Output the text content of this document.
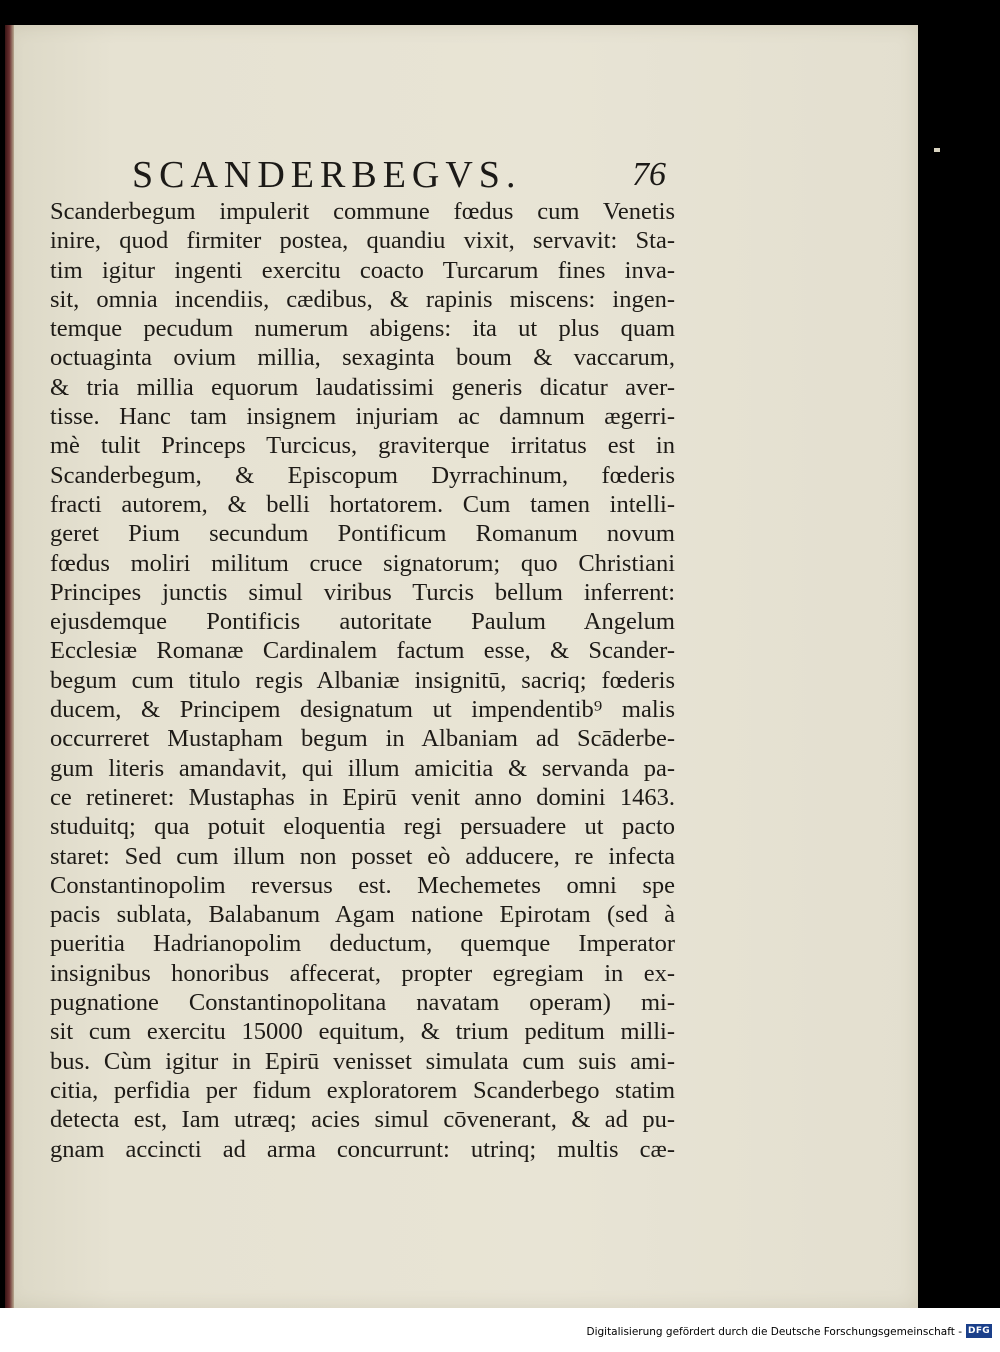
SCANDERBEGVS.	76
Scanderbegum impulerit commune fœdus cum Venetis
inire, quod firmiter postea, quandiu vixit, servavit: Sta-
tim igitur ingenti exercitu coacto Turcarum fines inva-
sit, omnia incendiis, cædibus, & rapinis miscens: ingen-
temque pecudum numerum abigens: ita ut plus quam
octuaginta ovium millia, sexaginta boum & vaccarum,
& tria millia equorum laudatissimi generis dicatur aver-
tisse. Hanc tam insignem injuriam ac damnum ægerri-
mè tulit Princeps Turcicus, graviterque irritatus est in
Scanderbegum, & Episcopum Dyrrachinum, fœderis
fracti autorem, & belli hortatorem. Cum tamen intelli-
geret Pium secundum Pontificum Romanum novum
fœdus moliri militum cruce signatorum; quo Christiani
Principes junctis simul viribus Turcis bellum inferrent:
ejusdemque Pontificis autoritate Paulum Angelum
Ecclesiæ Romanæ Cardinalem factum esse, & Scander-
begum cum titulo regis Albaniæ insignitū, sacriq; fœderis
ducem, & Principem designatum ut impendentib⁹ malis
occurreret Mustapham begum in Albaniam ad Scāderbe-
gum literis amandavit, qui illum amicitia & servanda pa-
ce retineret: Mustaphas in Epirū venit anno domini 1463.
studuitq; qua potuit eloquentia regi persuadere ut pacto
staret: Sed cum illum non posset eò adducere, re infecta
Constantinopolim reversus est. Mechemetes omni spe
pacis sublata, Balabanum Agam natione Epirotam (sed à
pueritia Hadrianopolim deductum, quemque Imperator
insignibus honoribus affecerat, propter egregiam in ex-
pugnatione Constantinopolitana navatam operam) mi-
sit cum exercitu 15000 equitum, & trium peditum milli-
bus. Cùm igitur in Epirū venisset simulata cum suis ami-
citia, perfidia per fidum exploratorem Scanderbego statim
detecta est, Iam utræq; acies simul cōvenerant, & ad pu-
gnam accincti ad arma concurrunt: utrinq; multis cæ-
Digitalisierung gefördert durch die Deutsche Forschungsgemeinschaft - DFG
